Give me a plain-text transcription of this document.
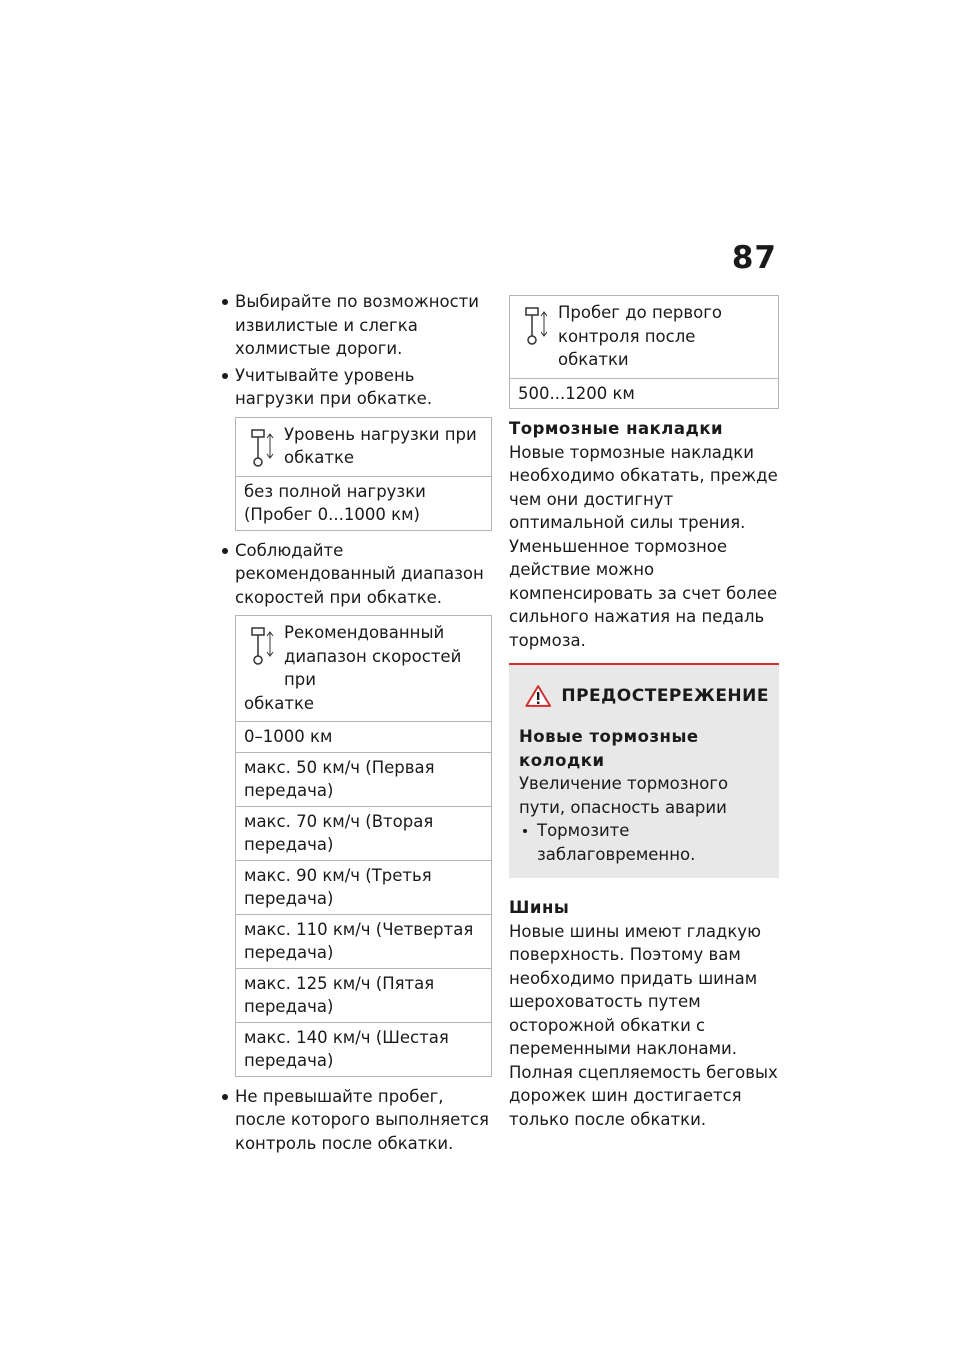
87
Выбирайте по возможности извилистые и слегка холмистые дороги.
Учитывайте уровень нагрузки при обкатке.
Уровень нагрузки при обкатке
без полной нагрузки (Пробег 0...1000 км)
Соблюдайте рекомендованный диапазон скоростей при обкатке.
Рекомендованный диапазон скоростей при
обкатке
0–1000 км
макс. 50 км/ч (Первая передача)
макс. 70 км/ч (Вторая передача)
макс. 90 км/ч (Третья передача)
макс. 110 км/ч (Четвертая передача)
макс. 125 км/ч (Пятая передача)
макс. 140 км/ч (Шестая передача)
Не превышайте пробег, после которого выполняется контроль после обкатки.
Пробег до первого контроля после обкатки
500...1200 км
Тормозные накладки

Новые тормозные накладки необходимо обкатать, прежде чем они достигнут оптимальной силы трения. Уменьшенное тормозное действие можно компенсировать за счет более сильного нажатия на педаль тормоза.

ПРЕДОСТЕРЕЖЕНИЕ
Новые тормозные колодки
Увеличение тормозного пути, опасность аварии
Тормозите заблаговременно.
Шины

Новые шины имеют гладкую поверхность. Поэтому вам необходимо придать шинам шероховатость путем осторожной обкатки с переменными наклонами. Полная сцепляемость беговых дорожек шин достигается только после обкатки.
